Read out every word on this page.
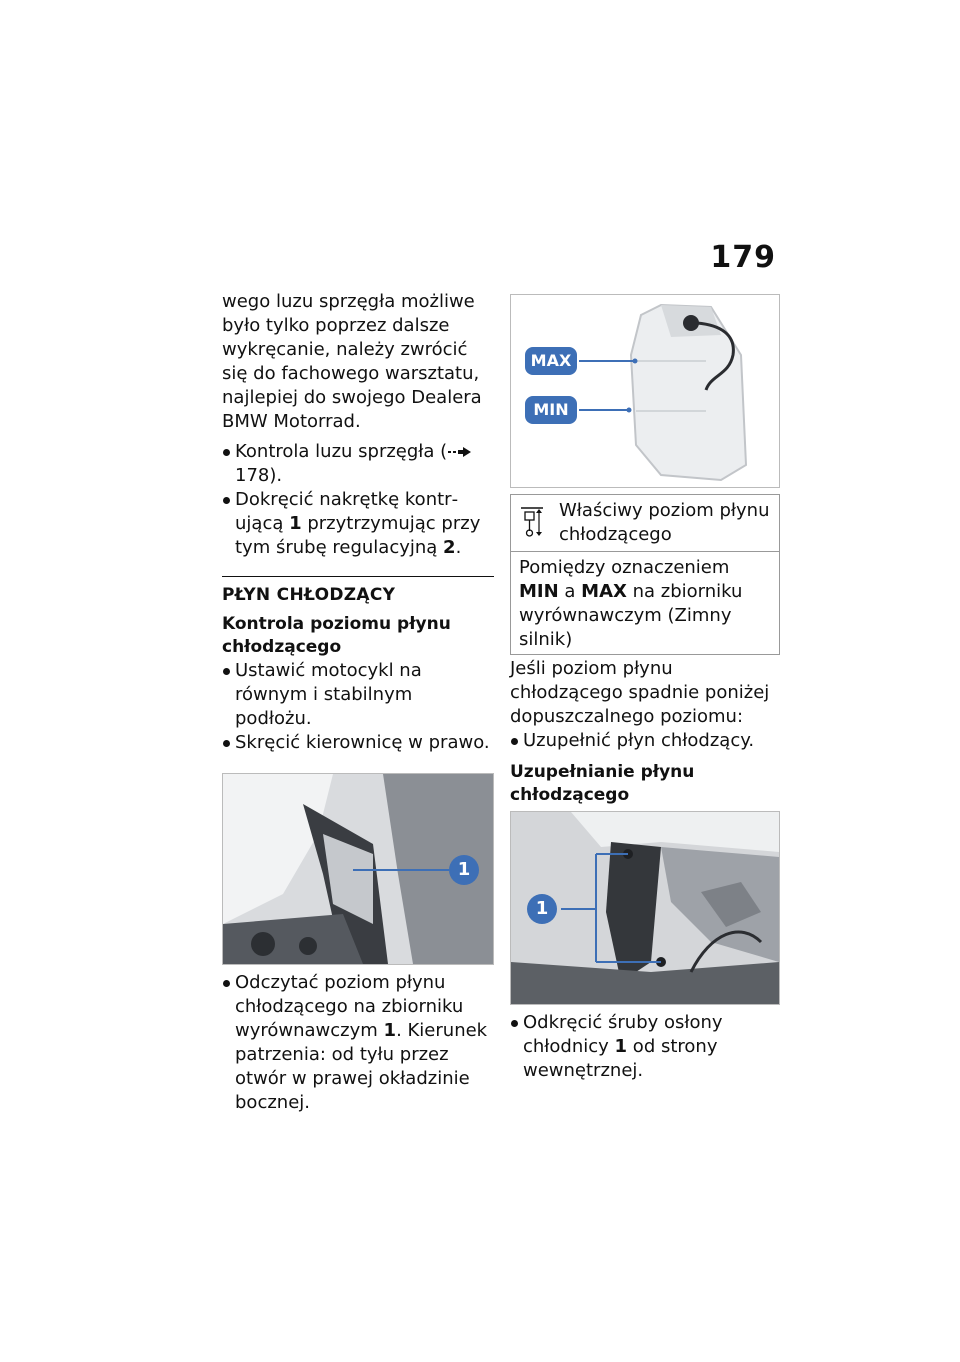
179

wego luzu sprzęgła możliwe było tylko poprzez dalsze wykręcanie, należy zwrócić się do fachowego warsztatu, najlepiej do swojego Dealera BMW Motorrad.

Kontrola luzu sprzęgła ( 178).
Dokręcić nakrętkę kontrującą 1 przytrzymując przy tym śrubę regulacyjną 2.
PŁYN CHŁODZĄCY
Kontrola poziomu płynu chłodzącego
Ustawić motocykl na równym i stabilnym podłożu.
Skręcić kierownicę w prawo.
1
Odczytać poziom płynu chłodzącego na zbiorniku wyrównawczym 1. Kierunek patrzenia: od tyłu przez otwór w prawej okładzinie bocznej.
MAX
MIN
Właściwy poziom płynu chłodzącego
Pomiędzy oznaczeniem MIN a MAX na zbiorniku wyrównawczym (Zimny silnik)

Jeśli poziom płynu chłodzącego spadnie poniżej dopuszczalnego poziomu:

Uzupełnić płyn chłodzący.
Uzupełnianie płynu chłodzącego
1
Odkręcić śruby osłony chłodnicy 1 od strony wewnętrznej.
